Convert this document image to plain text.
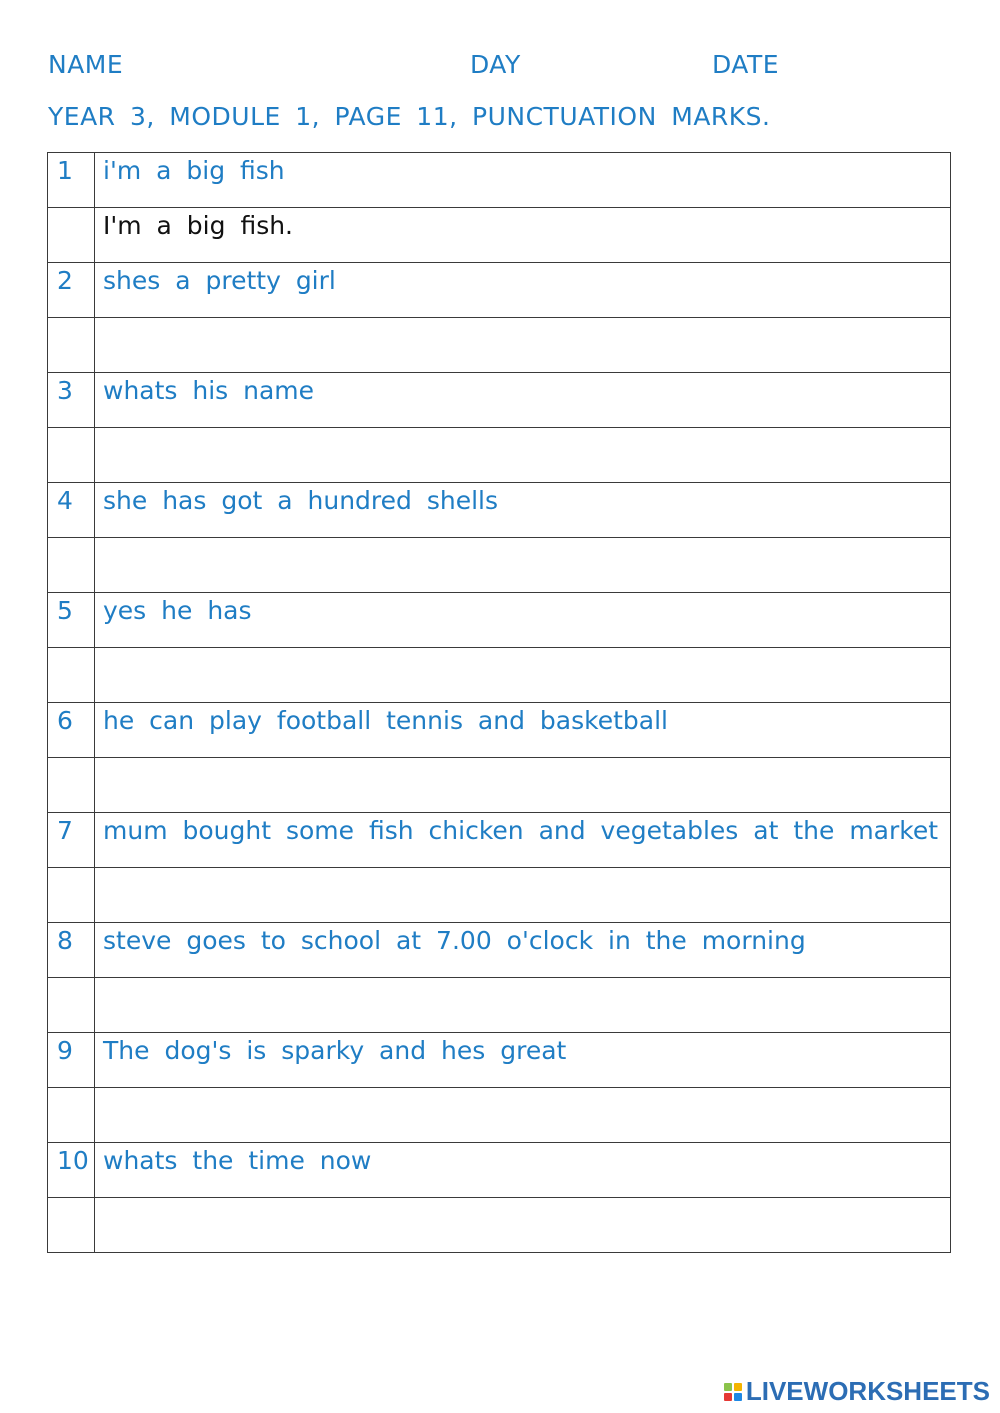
NAME	DAY	DATE
YEAR 3, MODULE 1, PAGE 11, PUNCTUATION MARKS.
1	i'm a big fish

	I'm a big fish.

2	shes a pretty girl

3	whats his name

4	she has got a hundred shells

5	yes he has

6	he can play football tennis and basketball

7	mum bought some fish chicken and vegetables at the market

8	steve goes to school at 7.00 o'clock in the morning

9	The dog's is sparky and hes great

10	whats the time now

LIVEWORKSHEETS
